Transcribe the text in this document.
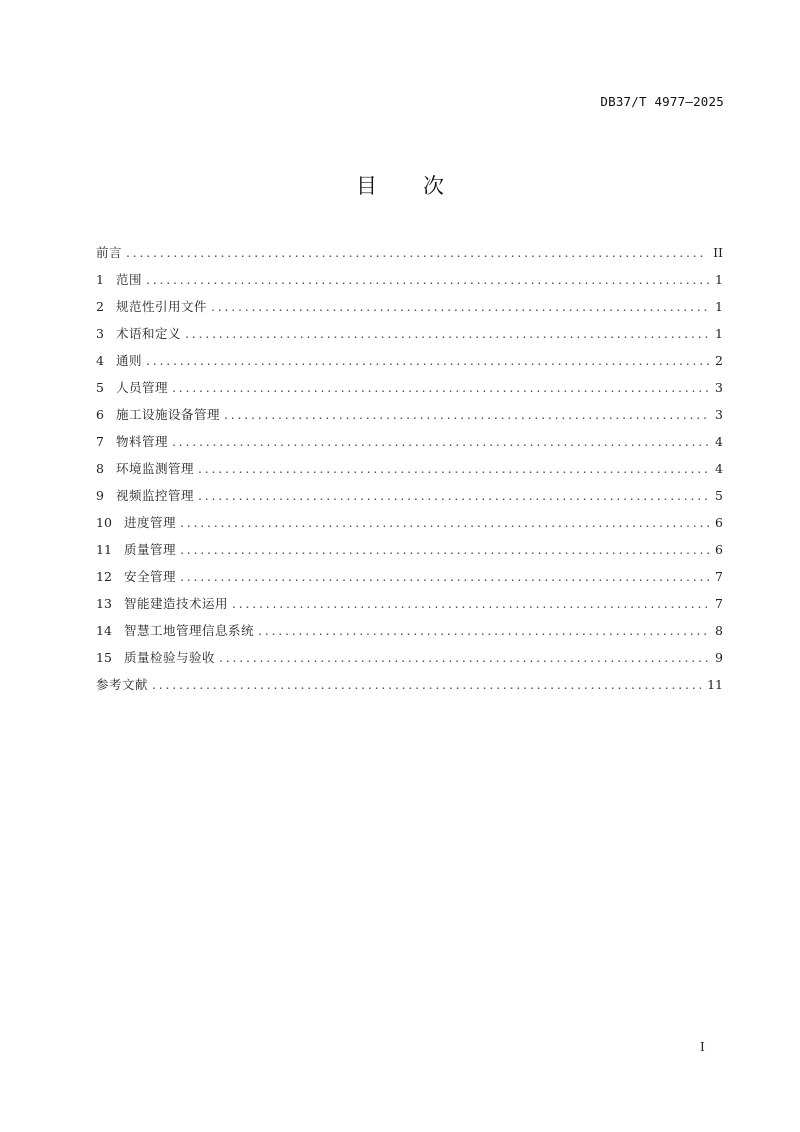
DB37/T 4977—2025
目 次
前言 . . .	II
1 范围 . . .	1
2 规范性引用文件 . . .	1
3 术语和定义 . . .	1
4 通则 . . .	2
5 人员管理 . . .	3
6 施工设施设备管理 . . .	3
7 物料管理 . . .	4
8 环境监测管理 . . .	4
9 视频监控管理 . . .	5
10 进度管理 . . .	6
11 质量管理 . . .	6
12 安全管理 . . .	7
13 智能建造技术运用 . . .	7
14 智慧工地管理信息系统 . . .	8
15 质量检验与验收 . . .	9
参考文献 . . .	11
I
